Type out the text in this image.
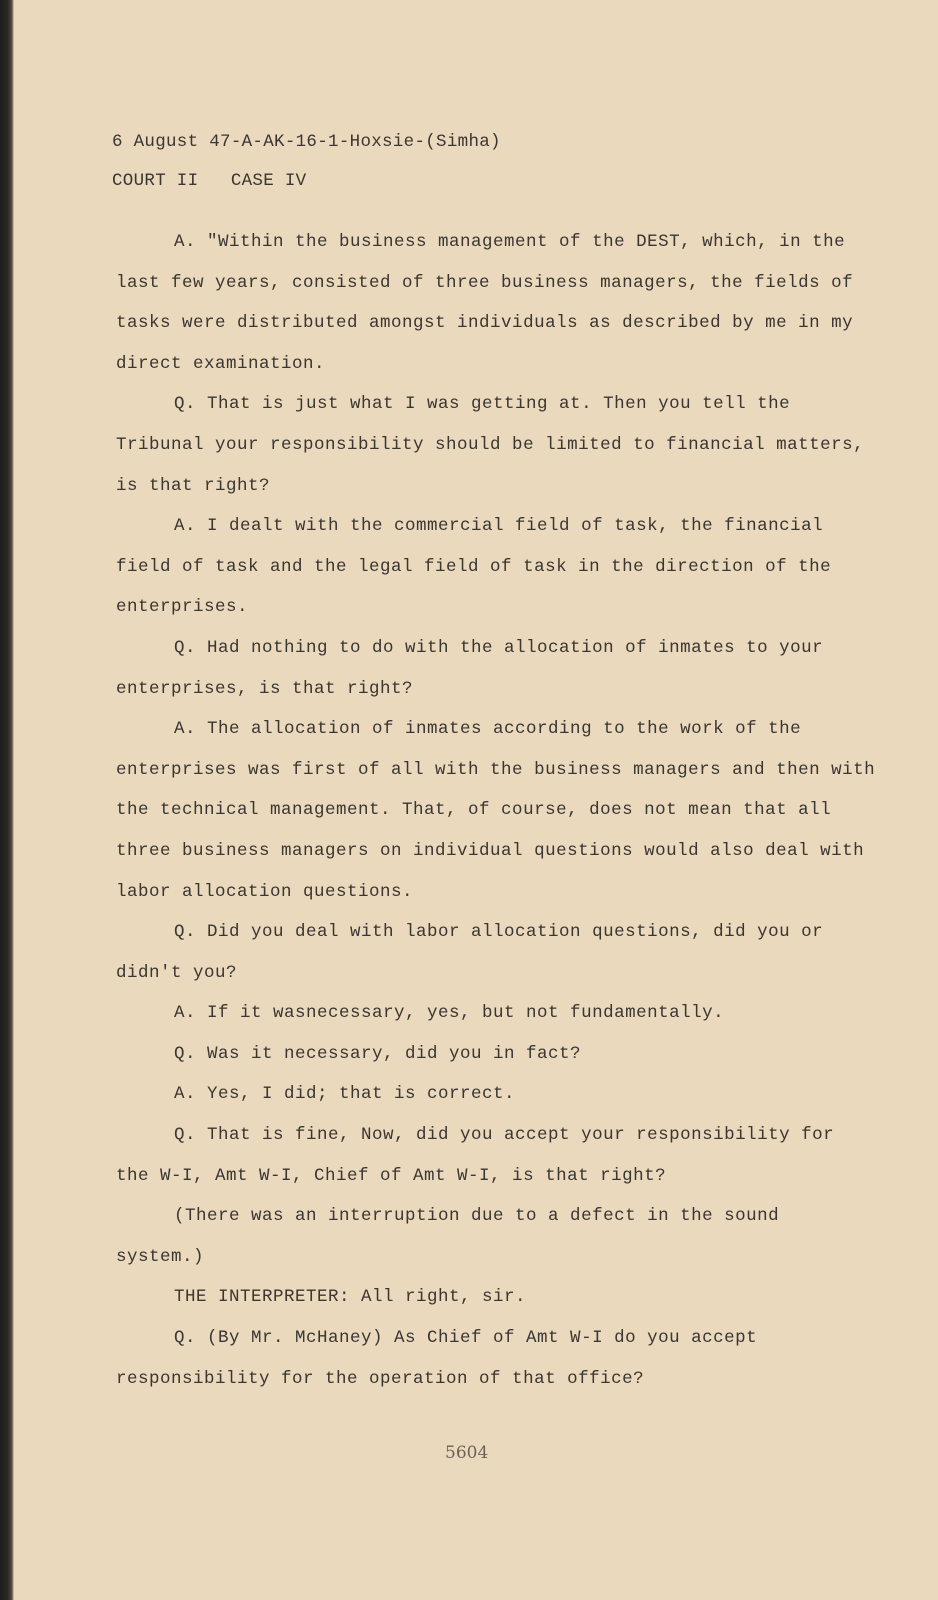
6 August 47-A-AK-16-1-Hoxsie-(Simha)
COURT II   CASE IV

A. "Within the business management of the DEST, which, in the last few years, consisted of three business managers, the fields of tasks were distributed amongst individuals as described by me in my direct examination.

Q. That is just what I was getting at. Then you tell the Tribunal your responsibility should be limited to financial matters, is that right?

A. I dealt with the commercial field of task, the financial field of task and the legal field of task in the direction of the enterprises.

Q. Had nothing to do with the allocation of inmates to your enterprises, is that right?

A. The allocation of inmates according to the work of the enterprises was first of all with the business managers and then with the technical management. That, of course, does not mean that all three business managers on individual questions would also deal with labor allocation questions.

Q. Did you deal with labor allocation questions, did you or didn't you?

A. If it wasnecessary, yes, but not fundamentally.

Q. Was it necessary, did you in fact?

A. Yes, I did; that is correct.

Q. That is fine, Now, did you accept your responsibility for the W-I, Amt W-I, Chief of Amt W-I, is that right?

(There was an interruption due to a defect in the sound system.)

THE INTERPRETER: All right, sir.

Q. (By Mr. McHaney) As Chief of Amt W-I do you accept responsibility for the operation of that office?

5604
